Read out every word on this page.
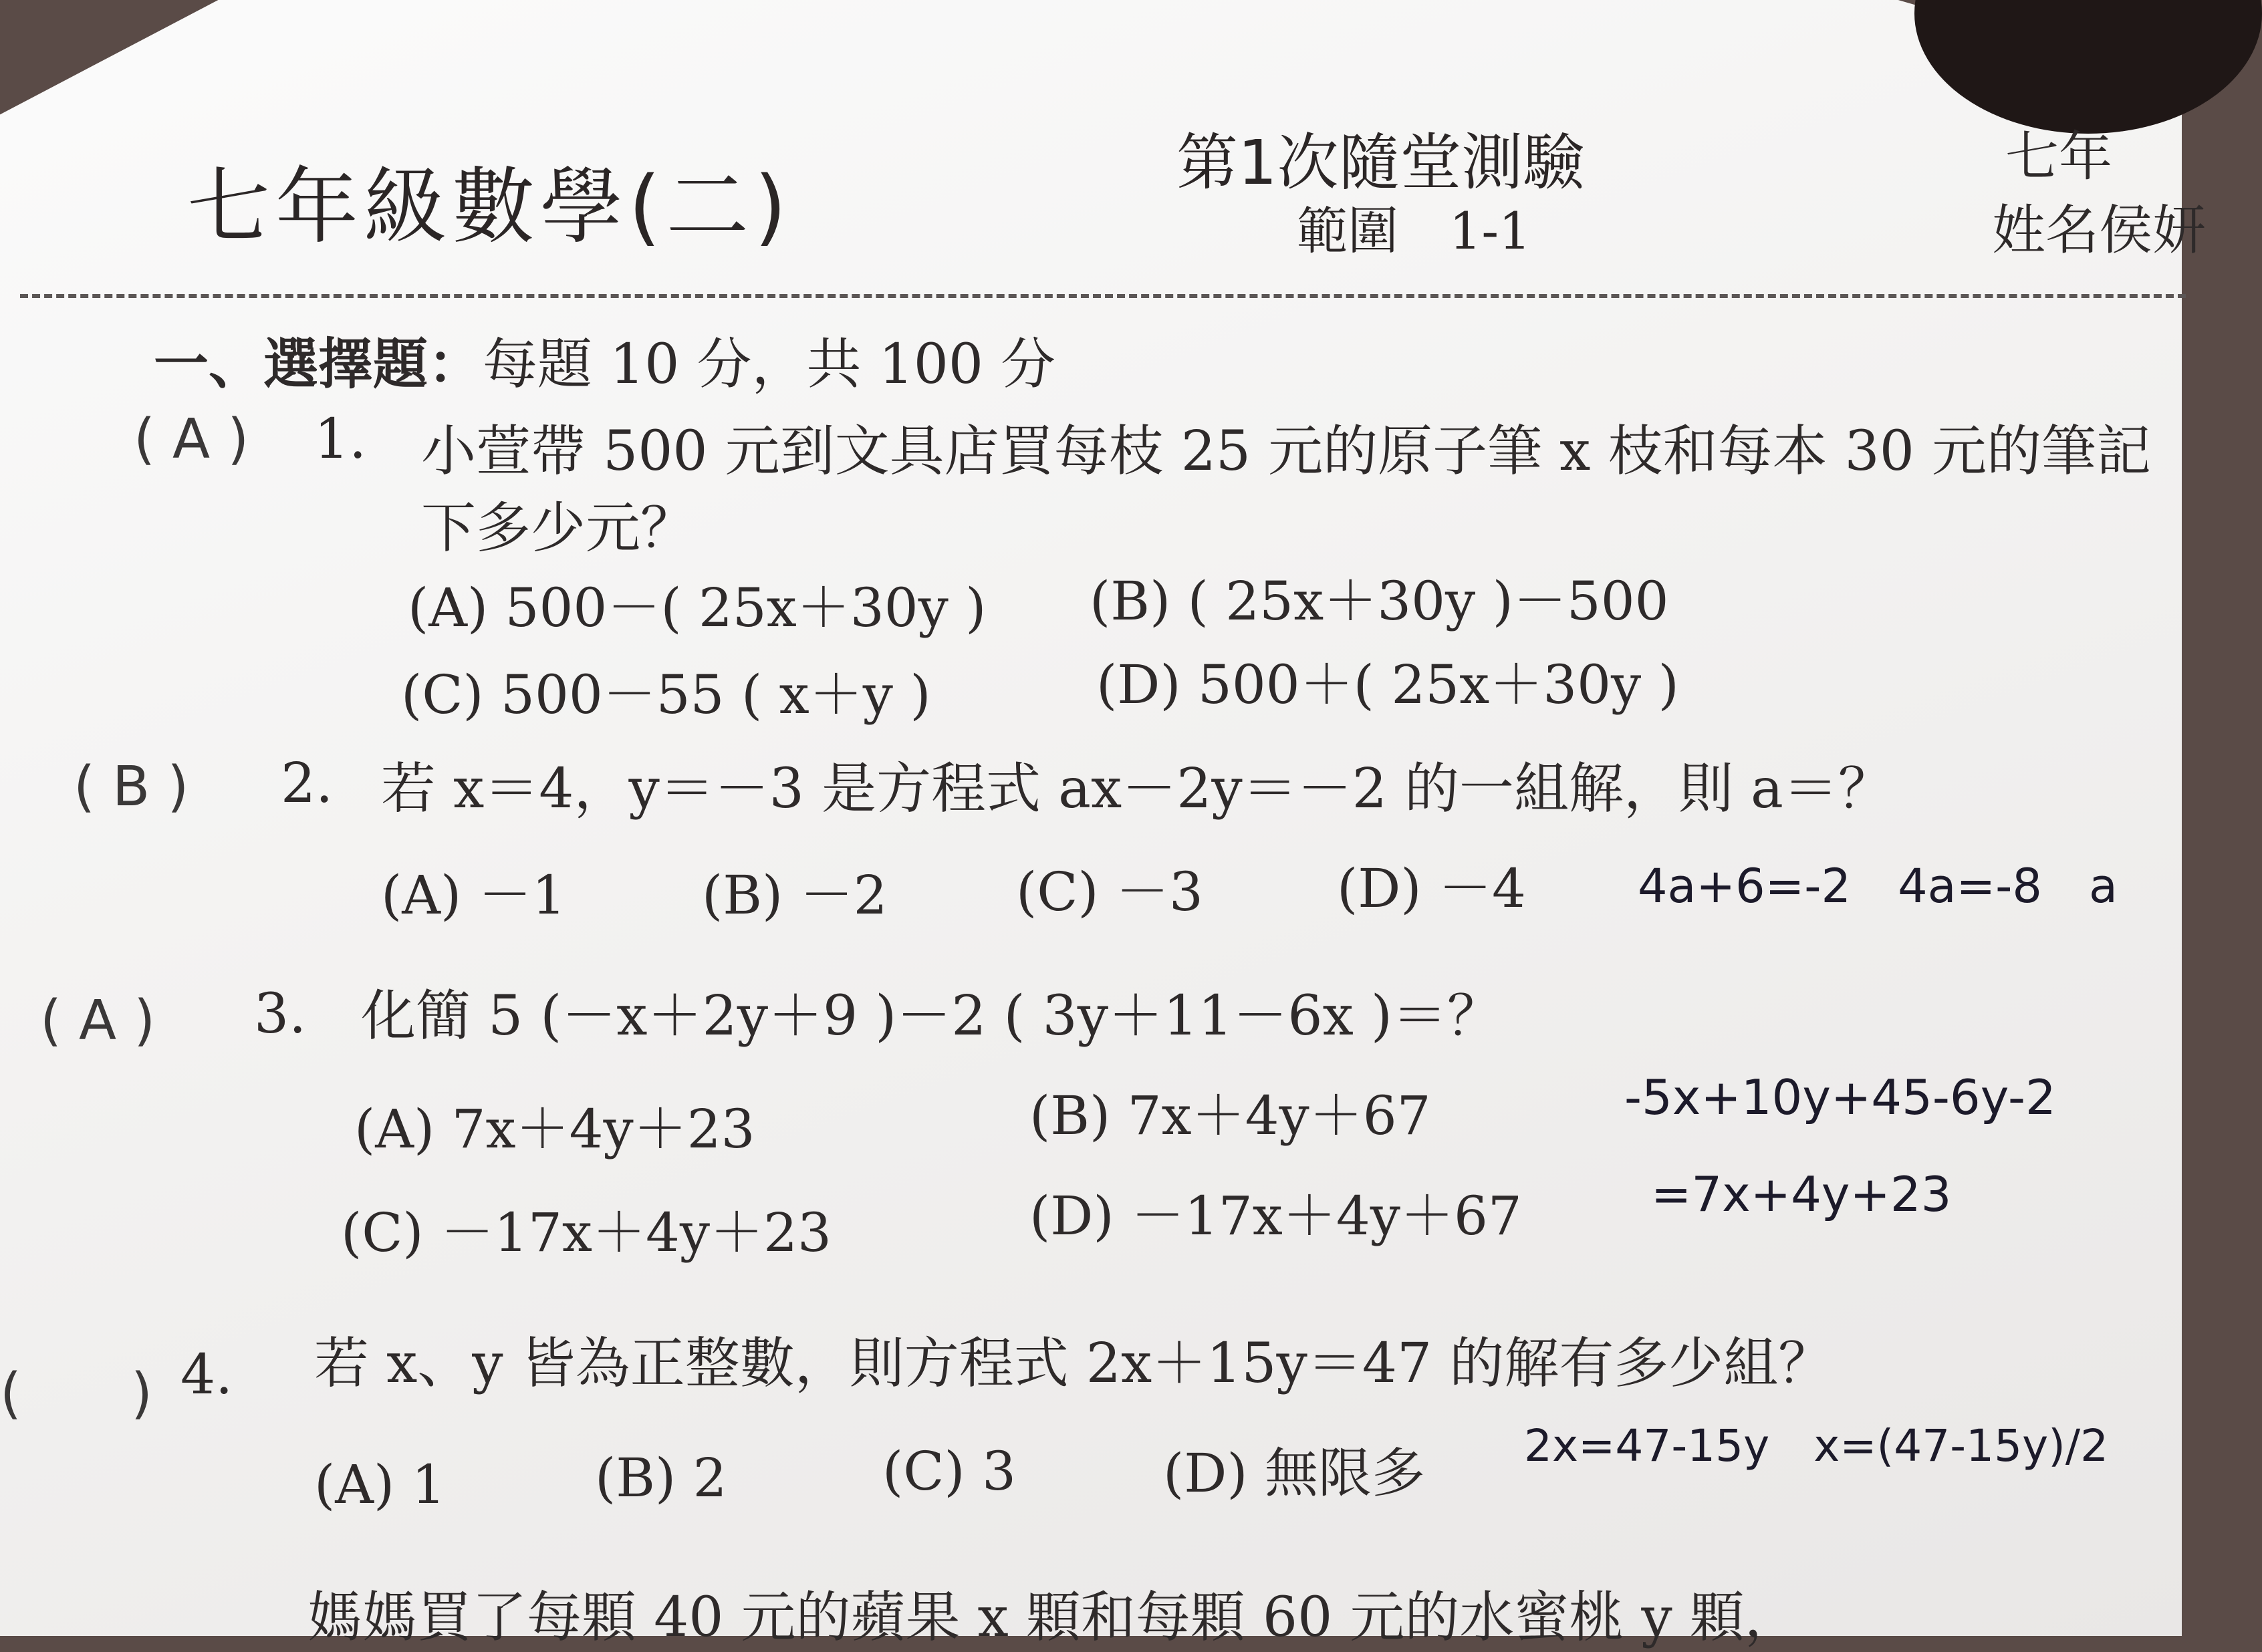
七年級數學(二)	第1次隨堂測驗
範圍　1-1
七年
姓名侯妍
一、選擇題：每題 10 分，共 100 分
( A ) 1. 小萱帶 500 元到文具店買每枝 25 元的原子筆 x 枝和每本 30 元的筆記
下多少元？
(A) 500－( 25x＋30y ) (B) ( 25x＋30y )－500
(C) 500－55 ( x＋y )	(D) 500＋( 25x＋30y )
( B ) 2. 若 x＝4，y＝－3 是方程式 ax－2y＝－2 的一組解，則 a＝？
(A) －1	(B) －2 (C) －3	(D) －4 4a+6=-2　4a=-8　a
( A ) 3. 化簡 5 (－x＋2y＋9 )－2 ( 3y＋11－6x )＝？
(A) 7x＋4y＋23	(B) 7x＋4y＋67
(C) －17x＋4y＋23	(D) －17x＋4y＋67
-5x+10y+45-6y-2
=7x+4y+23
(　　) 4. 若 x、y 皆為正整數，則方程式 2x＋15y＝47 的解有多少組？
(A) 1	(B) 2	(C) 3	(D) 無限多 2x=47-15y　x=(47-15y)/2
媽媽買了每顆 40 元的蘋果 x 顆和每顆 60 元的水蜜桃 y 顆，
